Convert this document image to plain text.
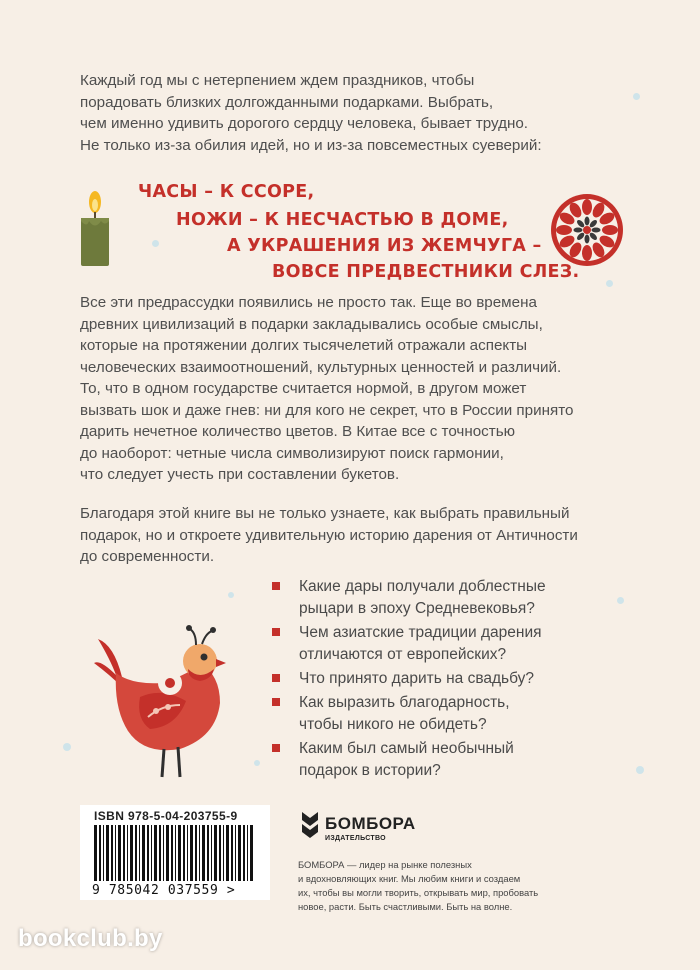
Каждый год мы с нетерпением ждем праздников, чтобы
порадовать близких долгожданными подарками. Выбрать,
чем именно удивить дорогого сердцу человека, бывает трудно.
Не только из-за обилия идей, но и из-за повсеместных суеверий:

ЧАСЫ – К ССОРЕ,
НОЖИ – К НЕСЧАСТЬЮ В ДОМЕ,
А УКРАШЕНИЯ ИЗ ЖЕМЧУГА –
ВОВСЕ ПРЕДВЕСТНИКИ СЛЕЗ.

Все эти предрассудки появились не просто так. Еще во времена
древних цивилизаций в подарки закладывались особые смыслы,
которые на протяжении долгих тысячелетий отражали аспекты
человеческих взаимоотношений, культурных ценностей и различий.
То, что в одном государстве считается нормой, в другом может
вызвать шок и даже гнев: ни для кого не секрет, что в России принято
дарить нечетное количество цветов. В Китае все с точностью
до наоборот: четные числа символизируют поиск гармонии,
что следует учесть при составлении букетов.

Благодаря этой книге вы не только узнаете, как выбрать правильный
подарок, но и откроете удивительную историю дарения от Античности
до современности.

Какие дары получали доблестные
рыцари в эпоху Средневековья?
Чем азиатские традиции дарения
отличаются от европейских?
Что принято дарить на свадьбу?
Как выразить благодарность,
чтобы никого не обидеть?
Каким был самый необычный
подарок в истории?
ISBN 978-5-04-203755-9
9 785042 037559 >
БОМБОРА
ИЗДАТЕЛЬСТВО
БОМБОРА — лидер на рынке полезных
и вдохновляющих книг. Мы любим книги и создаем
их, чтобы вы могли творить, открывать мир, пробовать
новое, расти. Быть счастливыми. Быть на волне.
bookclub.by
